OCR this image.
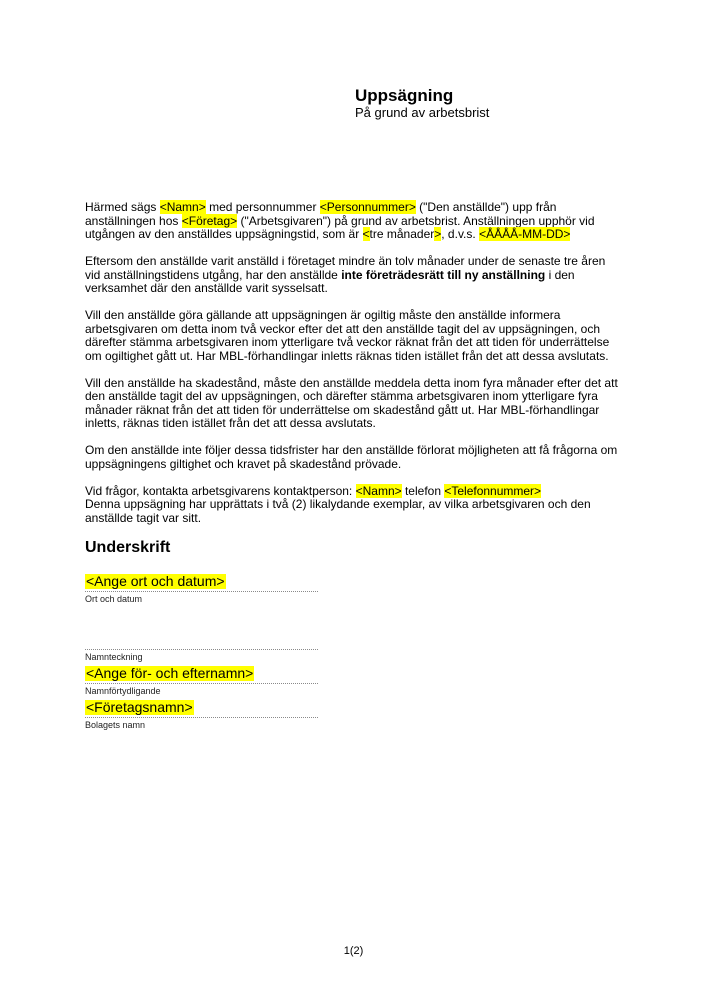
Uppsägning
På grund av arbetsbrist

Härmed sägs <Namn> med personnummer <Personnummer> ("Den anställde") upp från anställningen hos <Företag> ("Arbetsgivaren") på grund av arbetsbrist. Anställningen upphör vid utgången av den anställdes uppsägningstid, som är <tre månader>, d.v.s. <ÅÅÅÅ-MM-DD>

Eftersom den anställde varit anställd i företaget mindre än tolv månader under de senaste tre åren vid anställningstidens utgång, har den anställde inte företrädesrätt till ny anställning i den verksamhet där den anställde varit sysselsatt.

Vill den anställde göra gällande att uppsägningen är ogiltig måste den anställde informera arbetsgivaren om detta inom två veckor efter det att den anställde tagit del av uppsägningen, och därefter stämma arbetsgivaren inom ytterligare två veckor räknat från det att tiden för underrättelse om ogiltighet gått ut. Har MBL-förhandlingar inletts räknas tiden istället från det att dessa avslutats.

Vill den anställde ha skadestånd, måste den anställde meddela detta inom fyra månader efter det att den anställde tagit del av uppsägningen, och därefter stämma arbetsgivaren inom ytterligare fyra månader räknat från det att tiden för underrättelse om skadestånd gått ut. Har MBL-förhandlingar inletts, räknas tiden istället från det att dessa avslutats.

Om den anställde inte följer dessa tidsfrister har den anställde förlorat möjligheten att få frågorna om uppsägningens giltighet och kravet på skadestånd prövade.

Vid frågor, kontakta arbetsgivarens kontaktperson: <Namn> telefon <Telefonnummer>
Denna uppsägning har upprättats i två (2) likalydande exemplar, av vilka arbetsgivaren och den anställde tagit var sitt.

Underskrift
<Ange ort och datum>
Ort och datum
Namnteckning
<Ange för- och efternamn>
Namnförtydligande
<Företagsnamn>
Bolagets namn
1(2)
